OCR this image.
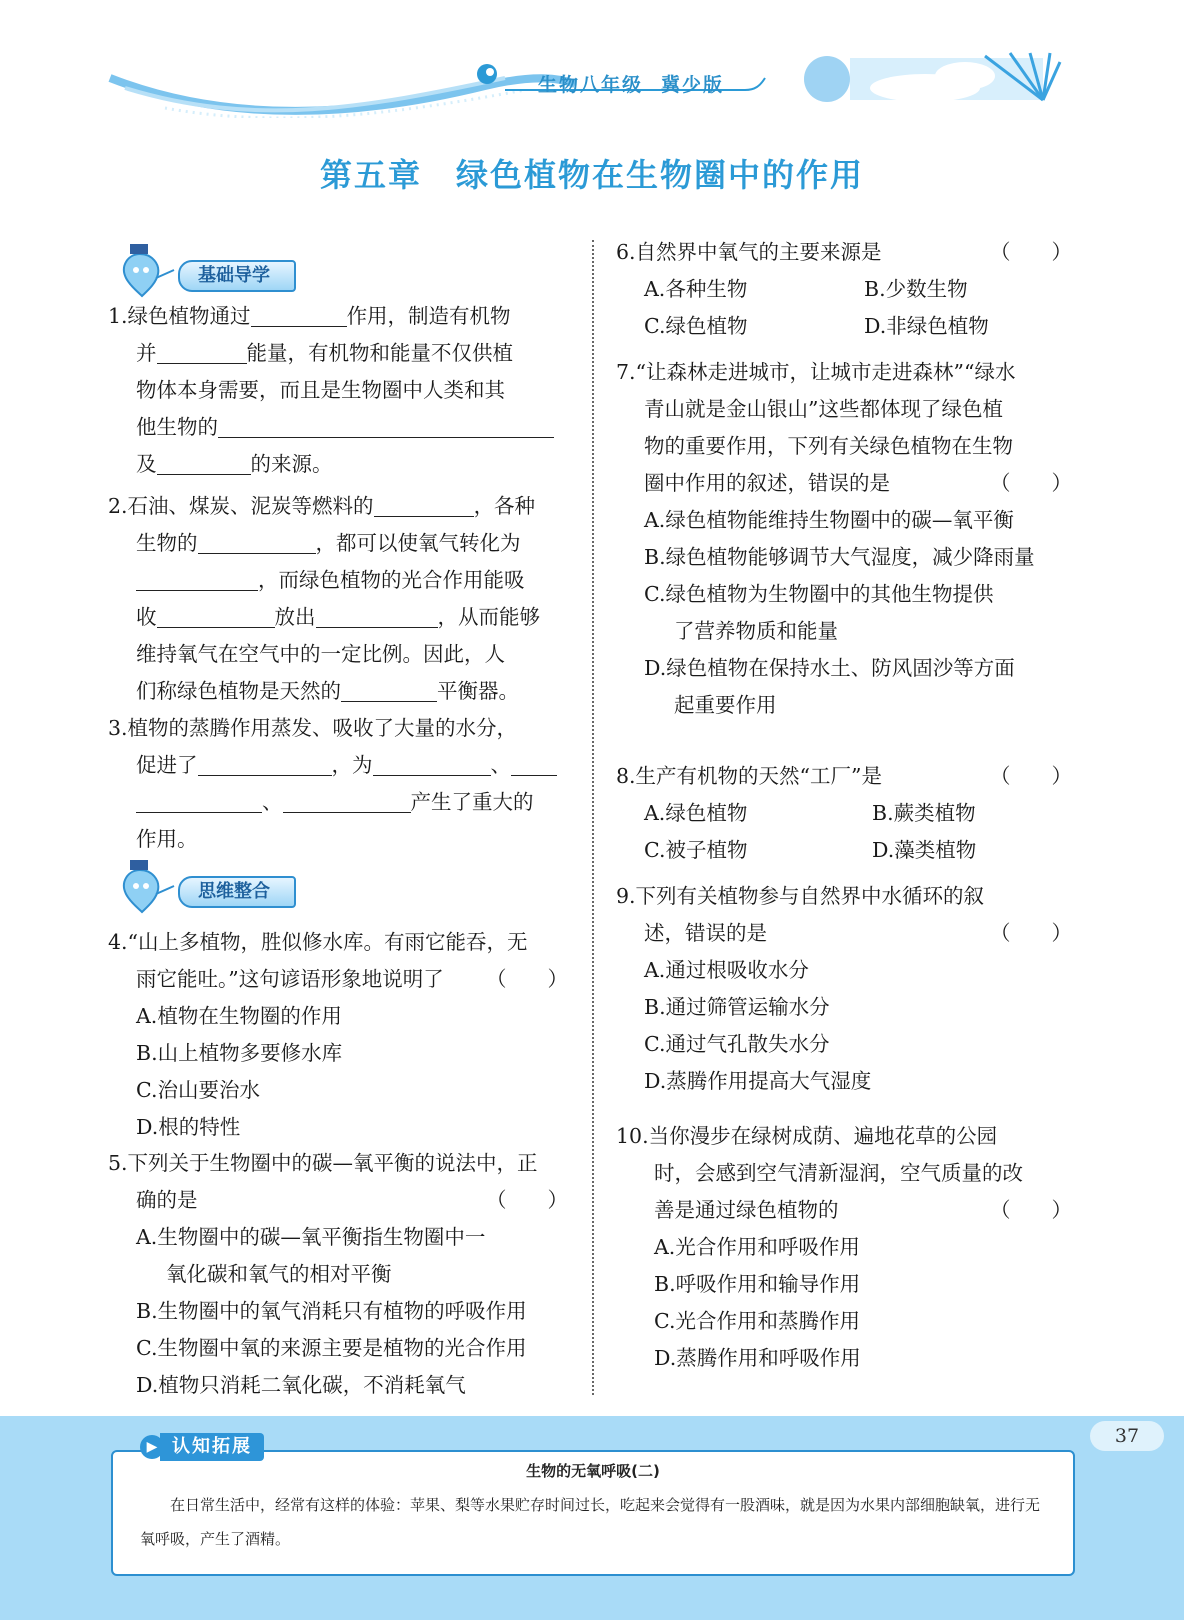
生物八年级 冀少版
第五章　绿色植物在生物圈中的作用
基础导学

1.绿色植物通过	作用，制造有机物

并	能量，有机物和能量不仅供植

物体本身需要，而且是生物圈中人类和其

他生物的

及	的来源。

2.石油、煤炭、泥炭等燃料的	，各种

生物的	，都可以使氧气转化为

，而绿色植物的光合作用能吸

收	放出	，从而能够

维持氧气在空气中的一定比例。因此，人

们称绿色植物是天然的	平衡器。

3.植物的蒸腾作用蒸发、吸收了大量的水分，

促进了	，为	、

、	产生了重大的

作用。

思维整合

4.“山上多植物，胜似修水库。有雨它能吞，无

雨它能吐。”这句谚语形象地说明了 （　　）

A.植物在生物圈的作用

B.山上植物多要修水库

C.治山要治水

D.根的特性

5.下列关于生物圈中的碳—氧平衡的说法中，正

确的是	（　　）

A.生物圈中的碳—氧平衡指生物圈中一

氧化碳和氧气的相对平衡

B.生物圈中的氧气消耗只有植物的呼吸作用

C.生物圈中氧的来源主要是植物的光合作用

D.植物只消耗二氧化碳，不消耗氧气

6.自然界中氧气的主要来源是	（　　）

A.各种生物	B.少数生物

C.绿色植物	D.非绿色植物

7.“让森林走进城市，让城市走进森林”“绿水

青山就是金山银山”这些都体现了绿色植

物的重要作用，下列有关绿色植物在生物

圈中作用的叙述，错误的是	（　　）

A.绿色植物能维持生物圈中的碳—氧平衡

B.绿色植物能够调节大气湿度，减少降雨量

C.绿色植物为生物圈中的其他生物提供

了营养物质和能量

D.绿色植物在保持水土、防风固沙等方面

起重要作用

8.生产有机物的天然“工厂”是	（　　）

A.绿色植物	B.蕨类植物

C.被子植物	D.藻类植物

9.下列有关植物参与自然界中水循环的叙

述，错误的是	（　　）

A.通过根吸收水分

B.通过筛管运输水分

C.通过气孔散失水分

D.蒸腾作用提高大气湿度

10.当你漫步在绿树成荫、遍地花草的公园

时，会感到空气清新湿润，空气质量的改

善是通过绿色植物的	（　　）

A.光合作用和呼吸作用

B.呼吸作用和输导作用

C.光合作用和蒸腾作用

D.蒸腾作用和呼吸作用

37
认知拓展
▶
生物的无氧呼吸(二)
在日常生活中，经常有这样的体验：苹果、梨等水果贮存时间过长，吃起来会觉得有一股酒味，就是因为水果内部细胞缺氧，进行无氧呼吸，产生了酒精。
